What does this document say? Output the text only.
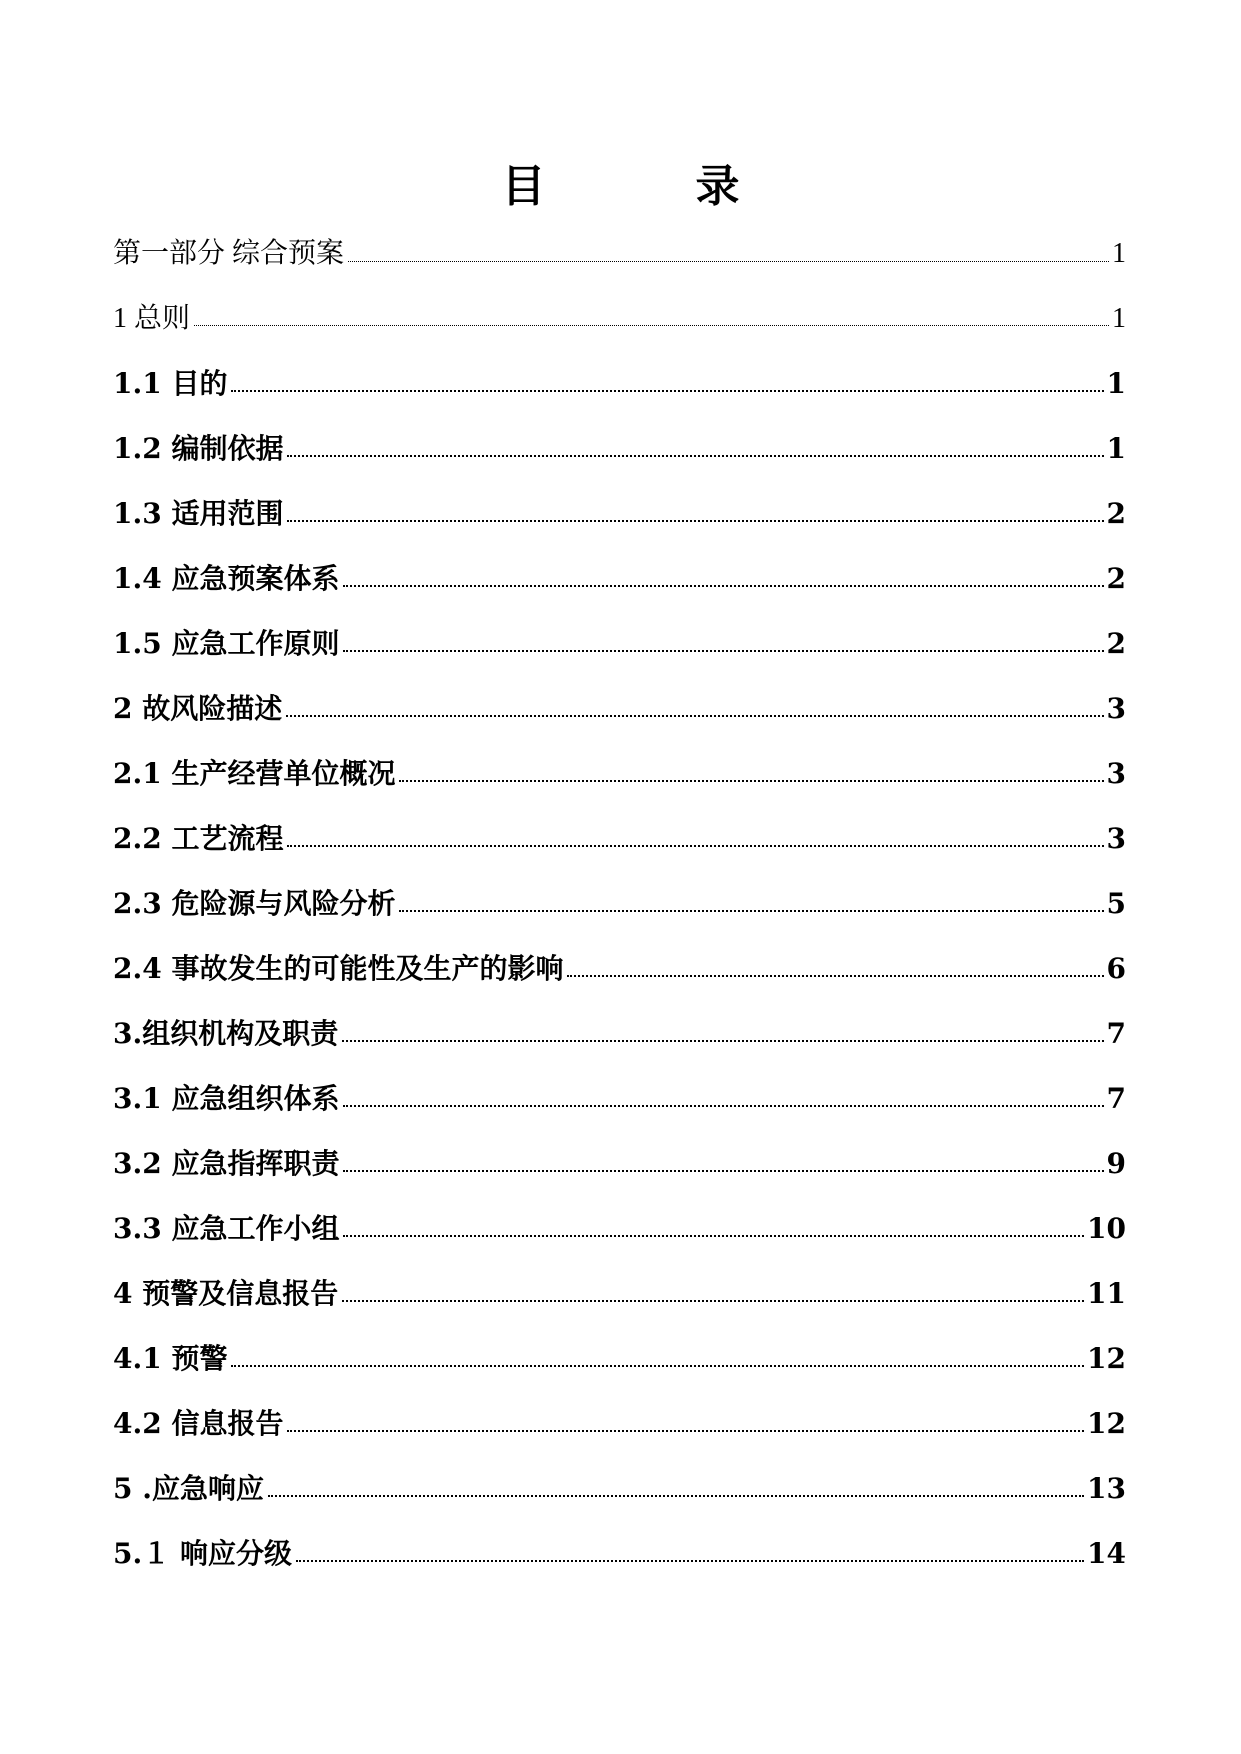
目	录
第一部分 综合预案	1
1 总则	1
1.1 目的	1
1.2 编制依据	1
1.3 适用范围	2
1.4 应急预案体系	2
1.5 应急工作原则	2
2 故风险描述	3
2.1 生产经营单位概况	3
2.2 工艺流程	3
2.3 危险源与风险分析	5
2.4 事故发生的可能性及生产的影响	6
3.组织机构及职责	7
3.1 应急组织体系	7
3.2 应急指挥职责	9
3.3 应急工作小组	10
4 预警及信息报告	11
4.1 预警	12
4.2 信息报告	12
5 .应急响应	13
5.１ 响应分级	14
